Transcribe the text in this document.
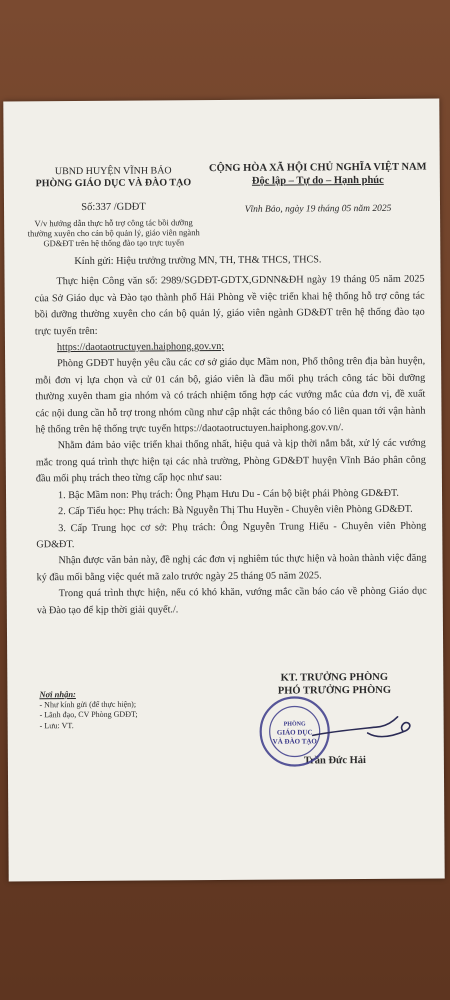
UBND HUYỆN VĨNH BẢO
PHÒNG GIÁO DỤC VÀ ĐÀO TẠO
Số:337 /GDĐT
V/v hướng dẫn thực hỗ trợ công tác bồi dưỡng thường xuyên cho cán bộ quản lý, giáo viên ngành GD&ĐT trên hệ thống đào tạo trực tuyến
CỘNG HÒA XÃ HỘI CHỦ NGHĨA VIỆT NAM
Độc lập – Tự do – Hạnh phúc
Vĩnh Bảo, ngày 19 tháng 05 năm 2025

Kính gửi: Hiệu trưởng trường MN, TH, TH& THCS, THCS.

Thực hiện Công văn số: 2989/SGDĐT-GDTX,GDNN&ĐH ngày 19 tháng 05 năm 2025 của Sở Giáo dục và Đào tạo thành phố Hải Phòng về việc triển khai hệ thống hỗ trợ công tác bồi dưỡng thường xuyên cho cán bộ quản lý, giáo viên ngành GD&ĐT trên hệ thống đào tạo trực tuyến trên:

https://daotaotructuyen.haiphong.gov.vn;

Phòng GDĐT huyện yêu cầu các cơ sở giáo dục Mầm non, Phổ thông trên địa bàn huyện, mỗi đơn vị lựa chọn và cử 01 cán bộ, giáo viên là đầu mối phụ trách công tác bồi dưỡng thường xuyên tham gia nhóm và có trách nhiệm tổng hợp các vướng mắc của đơn vị, đề xuất các nội dung cần hỗ trợ trong nhóm cũng như cập nhật các thông báo có liên quan tới vận hành hệ thống trên hệ thống trực tuyến https://daotaotructuyen.haiphong.gov.vn/.

Nhằm đảm bảo việc triển khai thống nhất, hiệu quả và kịp thời nắm bắt, xử lý các vướng mắc trong quá trình thực hiện tại các nhà trường, Phòng GD&ĐT huyện Vĩnh Bảo phân công đầu mối phụ trách theo từng cấp học như sau:

1. Bậc Mầm non: Phụ trách: Ông Phạm Hưu Du - Cán bộ biệt phái Phòng GD&ĐT.

2. Cấp Tiểu học: Phụ trách: Bà Nguyễn Thị Thu Huyền - Chuyên viên Phòng GD&ĐT.

3. Cấp Trung học cơ sở: Phụ trách: Ông Nguyễn Trung Hiếu - Chuyên viên Phòng GD&ĐT.

Nhận được văn bản này, đề nghị các đơn vị nghiêm túc thực hiện và hoàn thành việc đăng ký đầu mối bằng việc quét mã zalo trước ngày 25 tháng 05 năm 2025.

Trong quá trình thực hiện, nếu có khó khăn, vướng mắc cần báo cáo về phòng Giáo dục và Đào tạo để kịp thời giải quyết./.

Nơi nhận:
- Như kính gửi (để thực hiện);
- Lãnh đạo, CV Phòng GDĐT;
- Lưu: VT.
KT. TRƯỞNG PHÒNG
PHÓ TRƯỞNG PHÒNG
Trần Đức Hải
PHÒNG
GIÁO DỤC
VÀ ĐÀO TẠO
